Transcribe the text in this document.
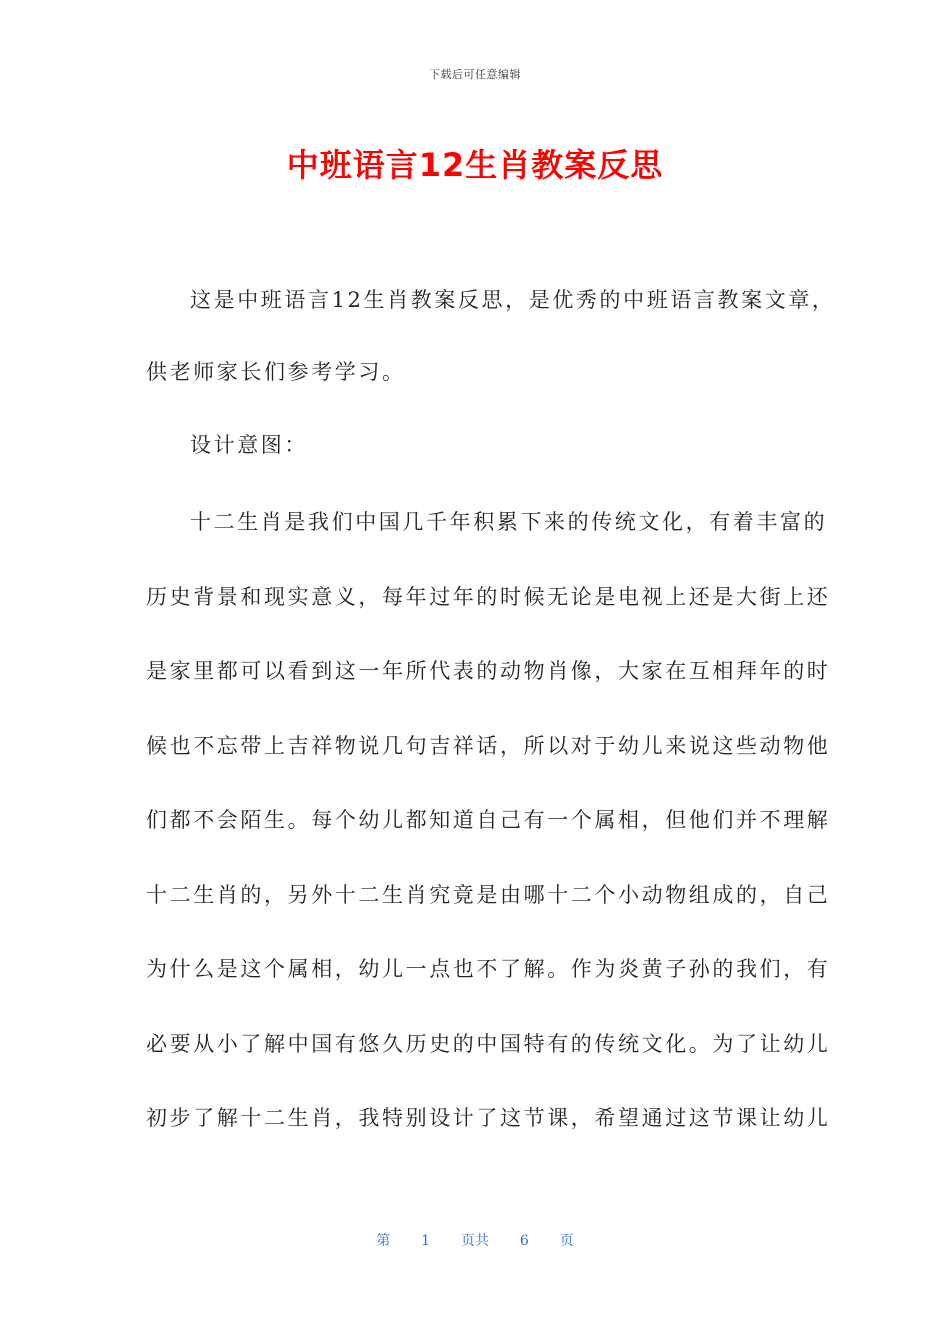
下载后可任意编辑
中班语言12生肖教案反思
这是中班语言12生肖教案反思，是优秀的中班语言教案文章，
供老师家长们参考学习。
设计意图：
十二生肖是我们中国几千年积累下来的传统文化，有着丰富的
历史背景和现实意义，每年过年的时候无论是电视上还是大街上还
是家里都可以看到这一年所代表的动物肖像，大家在互相拜年的时
候也不忘带上吉祥物说几句吉祥话，所以对于幼儿来说这些动物他
们都不会陌生。每个幼儿都知道自己有一个属相，但他们并不理解
十二生肖的，另外十二生肖究竟是由哪十二个小动物组成的，自己
为什么是这个属相，幼儿一点也不了解。作为炎黄子孙的我们，有
必要从小了解中国有悠久历史的中国特有的传统文化。为了让幼儿
初步了解十二生肖，我特别设计了这节课，希望通过这节课让幼儿
第 1 页共 6 页
